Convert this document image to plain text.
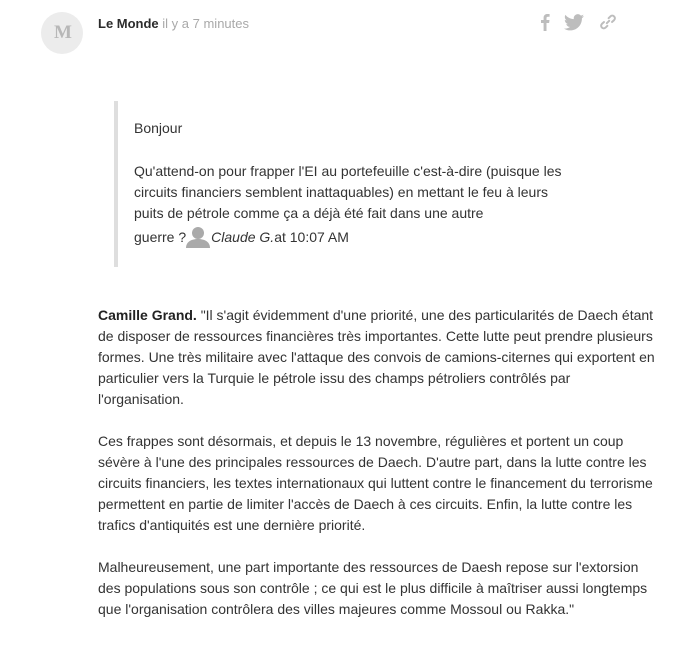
M Le Monde il y a 7 minutes
Bonjour
Qu'attend-on pour frapper l'EI au portefeuille c'est-à-dire (puisque les circuits financiers semblent inattaquables) en mettant le feu à leurs puits de pétrole comme ça a déjà été fait dans une autre
guerre ? Claude G. at 10:07 AM

Camille Grand. "Il s'agit évidemment d'une priorité, une des particularités de Daech étant de disposer de ressources financières très importantes. Cette lutte peut prendre plusieurs formes. Une très militaire avec l'attaque des convois de camions-citernes qui exportent en particulier vers la Turquie le pétrole issu des champs pétroliers contrôlés par l'organisation.

Ces frappes sont désormais, et depuis le 13 novembre, régulières et portent un coup sévère à l'une des principales ressources de Daech. D'autre part, dans la lutte contre les circuits financiers, les textes internationaux qui luttent contre le financement du terrorisme permettent en partie de limiter l'accès de Daech à ces circuits. Enfin, la lutte contre les trafics d'antiquités est une dernière priorité.

Malheureusement, une part importante des ressources de Daesh repose sur l'extorsion des populations sous son contrôle ; ce qui est le plus difficile à maîtriser aussi longtemps que l'organisation contrôlera des villes majeures comme Mossoul ou Rakka."
